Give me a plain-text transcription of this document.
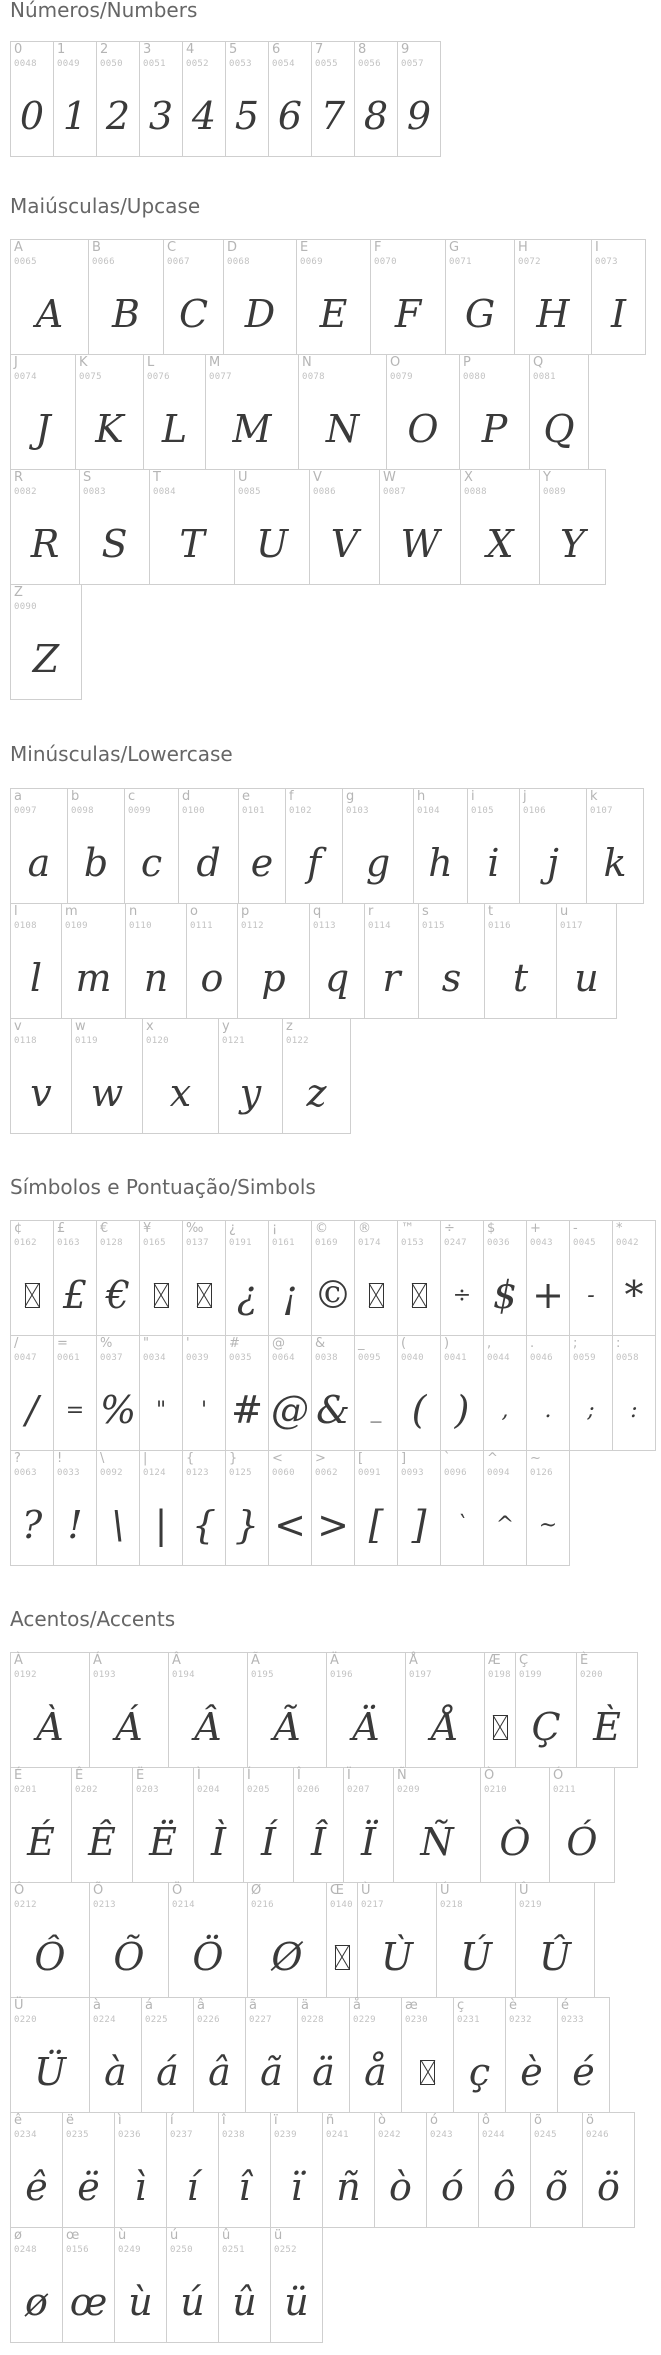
Números/Numbers
0
0048
0
1
0049
1
2
0050
2
3
0051
3
4
0052
4
5
0053
5
6
0054
6
7
0055
7
8
0056
8
9
0057
9
Maiúsculas/Upcase
A
0065
A
B
0066
B
C
0067
C
D
0068
D
E
0069
E
F
0070
F
G
0071
G
H
0072
H
I
0073
I
J
0074
J
K
0075
K
L
0076
L
M
0077
M
N
0078
N
O
0079
O
P
0080
P
Q
0081
Q
R
0082
R
S
0083
S
T
0084
T
U
0085
U
V
0086
V
W
0087
W
X
0088
X
Y
0089
Y
Z
0090
Z
Minúsculas/Lowercase
a
0097
a
b
0098
b
c
0099
c
d
0100
d
e
0101
e
f
0102
f
g
0103
g
h
0104
h
i
0105
i
j
0106
j
k
0107
k
l
0108
l
m
0109
m
n
0110
n
o
0111
o
p
0112
p
q
0113
q
r
0114
r
s
0115
s
t
0116
t
u
0117
u
v
0118
v
w
0119
w
x
0120
x
y
0121
y
z
0122
z
Símbolos e Pontuação/Simbols
¢
0162
£
0163
£
€
0128
€
¥
0165
‰
0137
¿
0191
¿
¡
0161
¡
©
0169
©
®
0174
™
0153
÷
0247
÷
$
0036
$
+
0043
+
-
0045
-
*
0042
*
/
0047
/
=
0061
=
%
0037
%
"
0034
"
'
0039
'
#
0035
#
@
0064
@
&
0038
&
_
0095
_
(
0040
(
)
0041
)
,
0044
,
.
0046
.
;
0059
;
:
0058
:
?
0063
?
!
0033
!
\
0092
\
|
0124
|
{
0123
{
}
0125
}
<
0060
<
>
0062
>
[
0091
[
]
0093
]
`
0096
`
^
0094
^
~
0126
~
Acentos/Accents
À
0192
À
Á
0193
Á
Â
0194
Â
Ã
0195
Ã
Ä
0196
Ä
Å
0197
Å
Æ
0198
Ç
0199
Ç
È
0200
È
É
0201
É
Ê
0202
Ê
Ë
0203
Ë
Ì
0204
Ì
Í
0205
Í
Î
0206
Î
Ï
0207
Ï
Ñ
0209
Ñ
Ò
0210
Ò
Ó
0211
Ó
Ô
0212
Ô
Õ
0213
Õ
Ö
0214
Ö
Ø
0216
Ø
Œ
0140
Ù
0217
Ù
Ú
0218
Ú
Û
0219
Û
Ü
0220
Ü
à
0224
à
á
0225
á
â
0226
â
ã
0227
ã
ä
0228
ä
å
0229
å
æ
0230
ç
0231
ç
è
0232
è
é
0233
é
ê
0234
ê
ë
0235
ë
ì
0236
ì
í
0237
í
î
0238
î
ï
0239
ï
ñ
0241
ñ
ò
0242
ò
ó
0243
ó
ô
0244
ô
õ
0245
õ
ö
0246
ö
ø
0248
ø
œ
0156
œ
ù
0249
ù
ú
0250
ú
û
0251
û
ü
0252
ü
